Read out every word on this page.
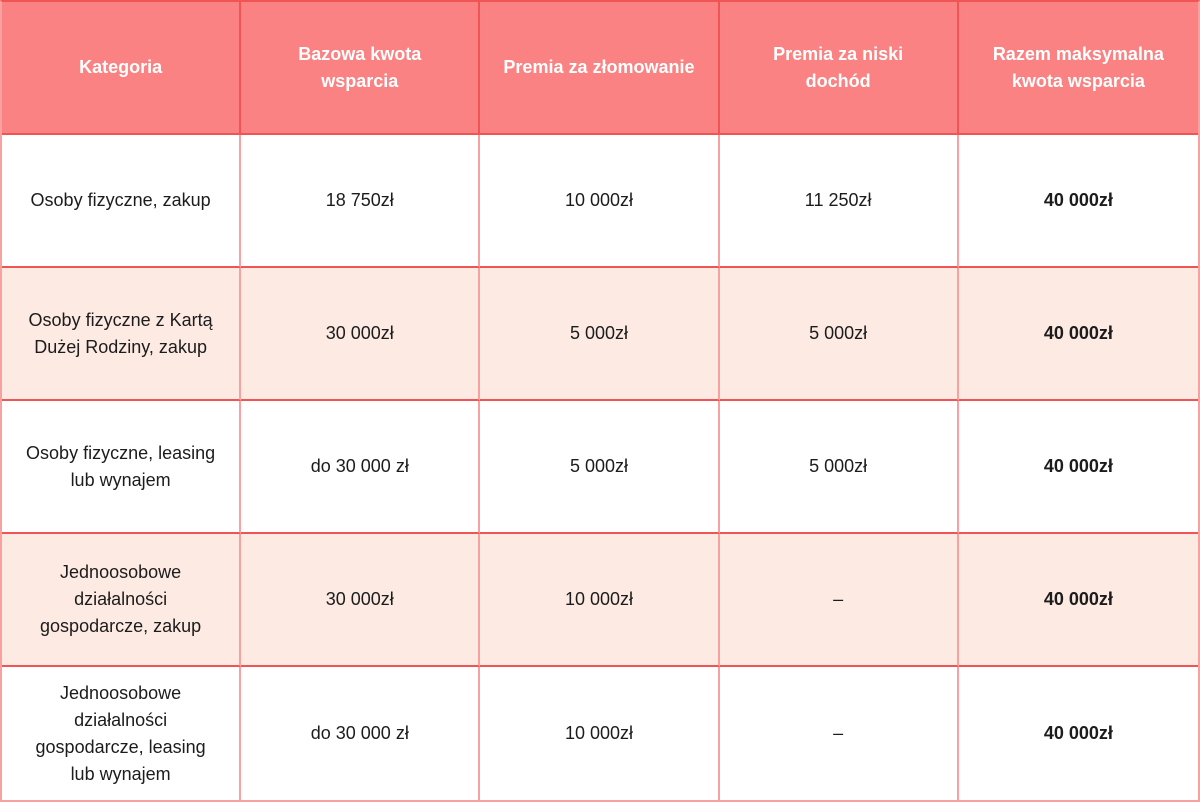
Kategoria	Bazowa kwota wsparcia	Premia za złomowanie	Premia za niski dochód	Razem maksymalna kwota wsparcia
Osoby fizyczne, zakup	18 750zł	10 000zł	11 250zł	40 000zł
Osoby fizyczne z Kartą Dużej Rodziny, zakup	30 000zł	5 000zł	5 000zł	40 000zł
Osoby fizyczne, leasing lub wynajem	do 30 000 zł	5 000zł	5 000zł	40 000zł
Jednoosobowe działalności gospodarcze, zakup	30 000zł	10 000zł	–	40 000zł
Jednoosobowe działalności gospodarcze, leasing lub wynajem	do 30 000 zł	10 000zł	–	40 000zł
